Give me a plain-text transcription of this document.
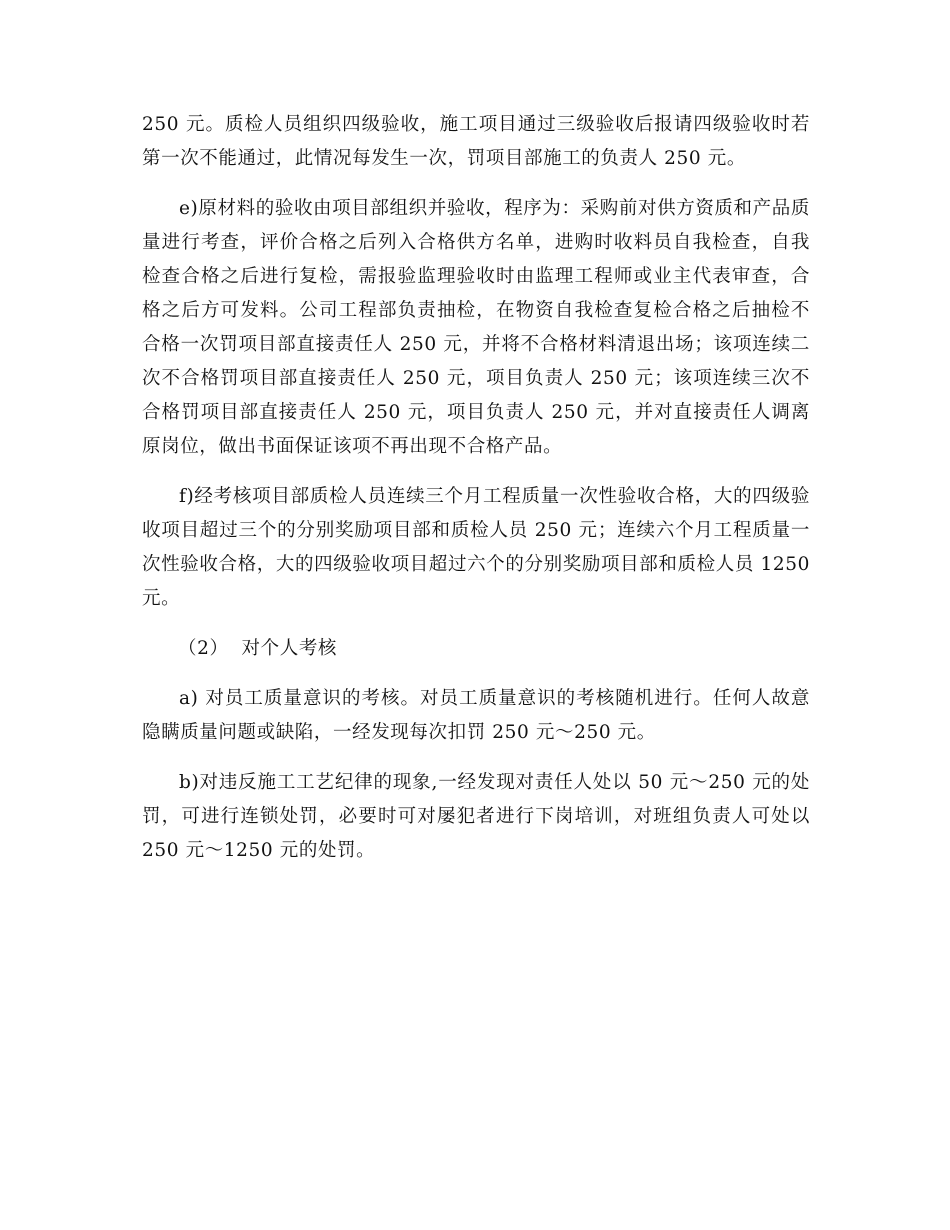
250 元。质检人员组织四级验收，施工项目通过三级验收后报请四级验收时若第一次不能通过，此情况每发生一次，罚项目部施工的负责人 250 元。

e)原材料的验收由项目部组织并验收，程序为：采购前对供方资质和产品质量进行考查，评价合格之后列入合格供方名单，进购时收料员自我检查，自我检查合格之后进行复检，需报验监理验收时由监理工程师或业主代表审查，合格之后方可发料。公司工程部负责抽检，在物资自我检查复检合格之后抽检不合格一次罚项目部直接责任人 250 元，并将不合格材料清退出场；该项连续二次不合格罚项目部直接责任人 250 元，项目负责人 250 元；该项连续三次不合格罚项目部直接责任人 250 元，项目负责人 250 元，并对直接责任人调离原岗位，做出书面保证该项不再出现不合格产品。

f)经考核项目部质检人员连续三个月工程质量一次性验收合格，大的四级验收项目超过三个的分别奖励项目部和质检人员 250 元；连续六个月工程质量一次性验收合格，大的四级验收项目超过六个的分别奖励项目部和质检人员 1250 元。

（2）  对个人考核

a) 对员工质量意识的考核。对员工质量意识的考核随机进行。任何人故意隐瞒质量问题或缺陷，一经发现每次扣罚 250 元～250 元。

b)对违反施工工艺纪律的现象,一经发现对责任人处以 50 元～250 元的处罚，可进行连锁处罚，必要时可对屡犯者进行下岗培训，对班组负责人可处以 250 元～1250 元的处罚。
